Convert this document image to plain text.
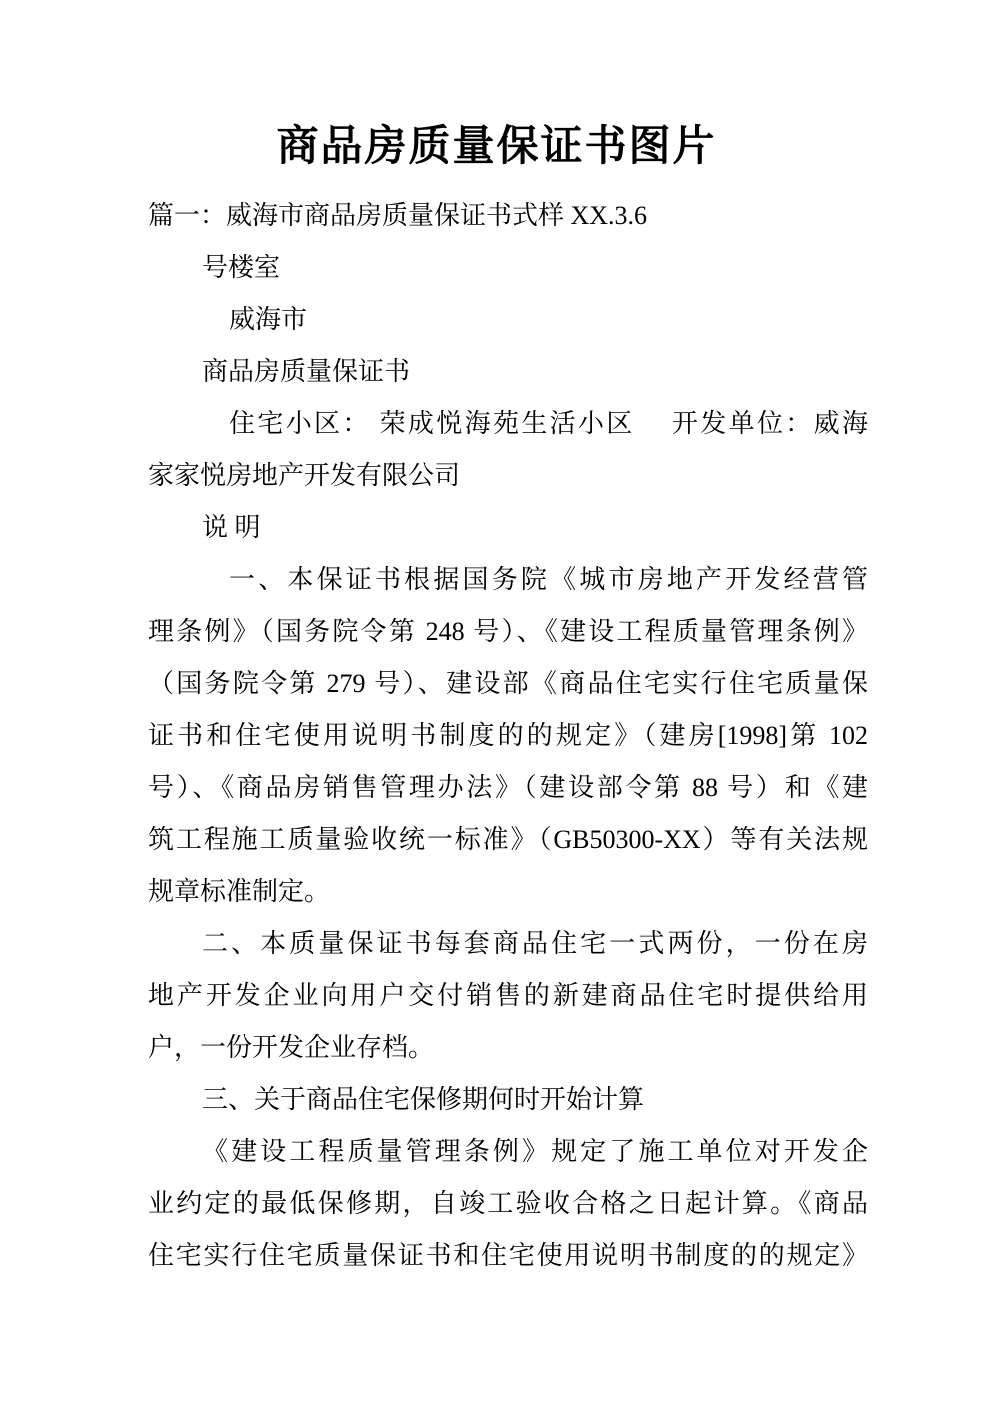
商品房质量保证书图片
篇一：威海市商品房质量保证书式样 XX.3.6
号楼室
威海市
商品房质量保证书
住宅小区： 荣成悦海苑生活小区　 开发单位：威海
家家悦房地产开发有限公司
说 明
一、本保证书根据国务院《城市房地产开发经营管
理条例》（国务院令第 248 号）、《建设工程质量管理条例》
（国务院令第 279 号）、建设部《商品住宅实行住宅质量保
证书和住宅使用说明书制度的的规定》（建房[1998]第 102
号）、《商品房销售管理办法》（建设部令第 88 号）和《建
筑工程施工质量验收统一标准》（GB50300-XX）等有关法规
规章标准制定。
二、本质量保证书每套商品住宅一式两份，一份在房
地产开发企业向用户交付销售的新建商品住宅时提供给用
户，一份开发企业存档。
三、关于商品住宅保修期何时开始计算
《建设工程质量管理条例》规定了施工单位对开发企
业约定的最低保修期，自竣工验收合格之日起计算。《商品
住宅实行住宅质量保证书和住宅使用说明书制度的的规定》
